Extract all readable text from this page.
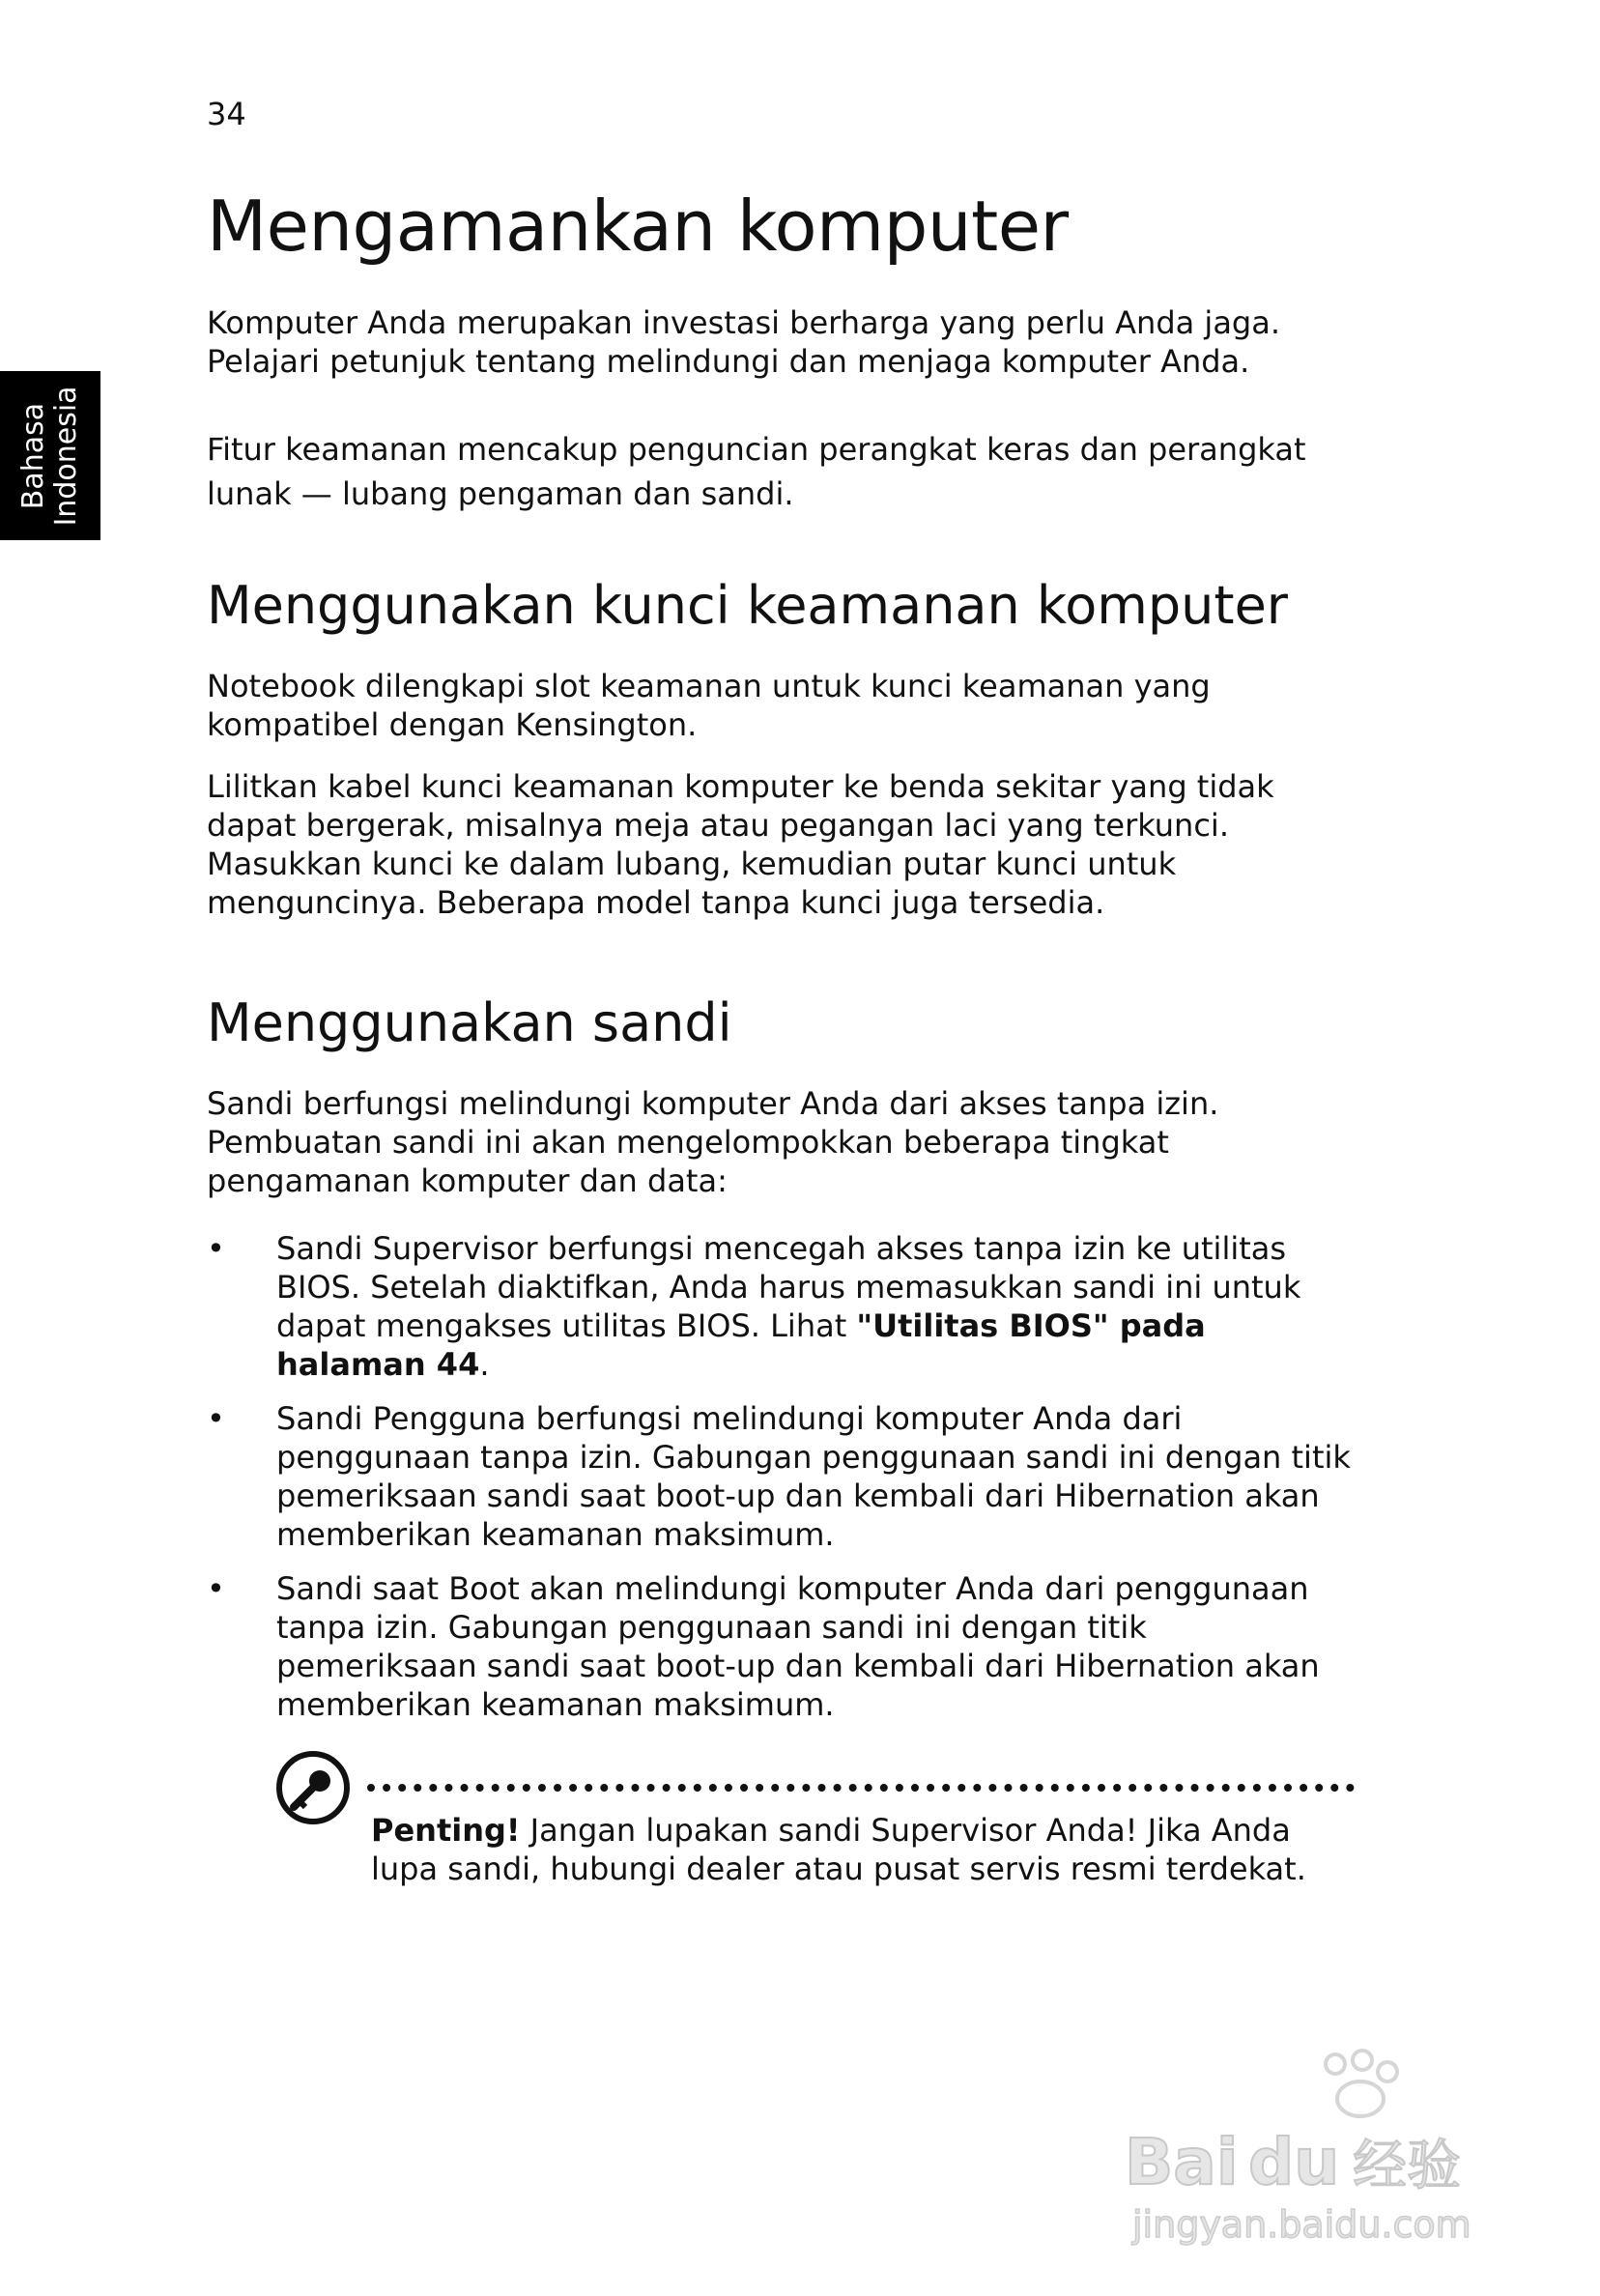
34
Bahasa Indonesia
Mengamankan komputer

Komputer Anda merupakan investasi berharga yang perlu Anda jaga. Pelajari petunjuk tentang melindungi dan menjaga komputer Anda.

Fitur keamanan mencakup penguncian perangkat keras dan perangkat lunak — lubang pengaman dan sandi.

Menggunakan kunci keamanan komputer

Notebook dilengkapi slot keamanan untuk kunci keamanan yang kompatibel dengan Kensington.

Lilitkan kabel kunci keamanan komputer ke benda sekitar yang tidak dapat bergerak, misalnya meja atau pegangan laci yang terkunci. Masukkan kunci ke dalam lubang, kemudian putar kunci untuk menguncinya. Beberapa model tanpa kunci juga tersedia.

Menggunakan sandi

Sandi berfungsi melindungi komputer Anda dari akses tanpa izin. Pembuatan sandi ini akan mengelompokkan beberapa tingkat pengamanan komputer dan data:

• Sandi Supervisor berfungsi mencegah akses tanpa izin ke utilitas BIOS. Setelah diaktifkan, Anda harus memasukkan sandi ini untuk dapat mengakses utilitas BIOS. Lihat "Utilitas BIOS" pada halaman 44.
• Sandi Pengguna berfungsi melindungi komputer Anda dari penggunaan tanpa izin. Gabungan penggunaan sandi ini dengan titik pemeriksaan sandi saat boot-up dan kembali dari Hibernation akan memberikan keamanan maksimum.
• Sandi saat Boot akan melindungi komputer Anda dari penggunaan tanpa izin. Gabungan penggunaan sandi ini dengan titik pemeriksaan sandi saat boot-up dan kembali dari Hibernation akan memberikan keamanan maksimum.
Penting! Jangan lupakan sandi Supervisor Anda! Jika Anda lupa sandi, hubungi dealer atau pusat servis resmi terdekat.
Bai du 经验
jingyan.baidu.com
